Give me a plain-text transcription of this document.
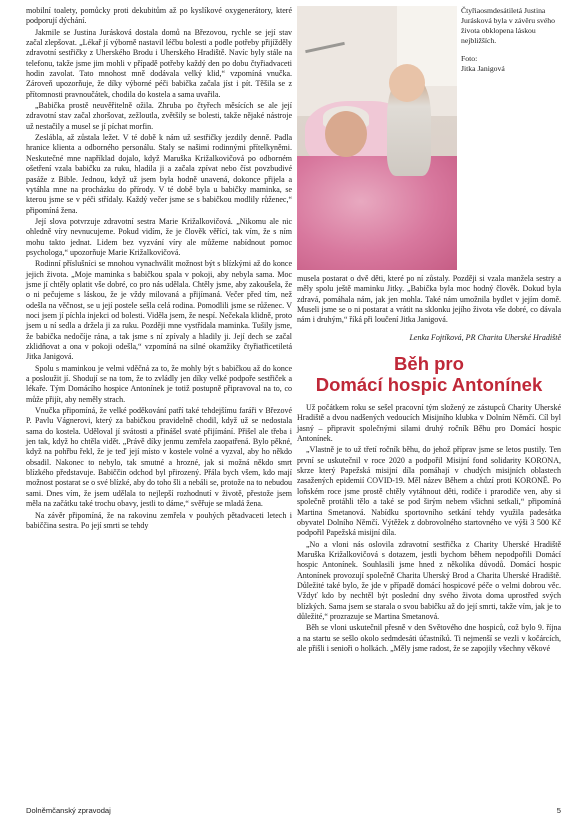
mobilní toalety, pomůcky proti dekubitům až po kyslíkové oxygenerátory, které podporují dýchání.

Jakmile se Justina Jurásková dostala domů na Březovou, rychle se její stav začal zlepšovat. „Lékař jí výborně nastavil léčbu bolesti a podle potřeby přijížděly zdravotní sestřičky z Uherského Brodu i Uherského Hradiště. Navíc byly stále na telefonu, takže jsme jim mohli v případě potřeby každý den po dobu čtyřiadvaceti hodin zavolat. Tato mnohost mně dodávala velký klid,“ vzpomíná vnučka. Zároveň upozorňuje, že díky výborné péči babička začala jíst i pít. Těšila se z přítomnosti pravnoučátek, chodila do kostela a sama uvařila.

„Babička prostě neuvěřitelně ožila. Zhruba po čtyřech měsících se ale její zdravotní stav začal zhoršovat, zežloutla, zvětšily se bolesti, takže nějaké nástroje už nestačily a musel se jí píchat morfin.

Zeslábla, až zůstala ležet. V té době k nám už sestřičky jezdily denně. Padla hranice klienta a odborného personálu. Staly se našimi rodinnými přítelkyněmi. Neskutečné mne například dojalo, když Maruška Križalkovičová po odborném ošetření vzala babičku za ruku, hladila ji a začala zpívat nebo číst povzbudivé pasáže z Bible. Jednou, když už jsem byla hodně unavená, dokonce přijela a vytáhla mne na procházku do přírody. V té době byla u babičky maminka, se kterou jsme se v péči střídaly. Každý večer jsme se s babičkou modlily růženec,“ připomíná žena.

Její slova potvrzuje zdravotní sestra Marie Križalkovičová. „Nikomu ale nic ohledně víry nevnucujeme. Pokud vidím, že je člověk věřící, tak vím, že s ním mohu takto jednat. Lidem bez vyzvání víry ale můžeme nabídnout pomoc psychologa,“ upozorňuje Marie Križalkovičová.

Rodinní příslušníci se mnohou vynachválit možnost být s blízkými až do konce jejich života. „Moje maminka s babičkou spala v pokoji, aby nebyla sama. Moc jsme jí chtěly oplatit vše dobré, co pro nás udělala. Chtěly jsme, aby zakoušela, že o ni pečujeme s láskou, že je vždy milovaná a přijímaná. Večer před tím, než odešla na věčnost, se u její postele sešla celá rodina. Pomodlili jsme se růženec. V noci jsem jí píchla injekci od bolesti. Viděla jsem, že nespí. Nečekala klidně, proto jsem u ní sedla a držela ji za ruku. Později mne vystřídala maminka. Tušily jsme, že babička nedočíje rána, a tak jsme s ní zpívaly a hladily ji. Její dech se začal zklidňovat a ona v pokoji odešla,“ vzpomíná na silné okamžiky čtyřiatřicetiletá Jitka Janigová.

Spolu s maminkou je velmi vděčná za to, že mohly být s babičkou až do konce a posloužit jí. Shodují se na tom, že to zvládly jen díky velké podpoře sestřiček a lékaře. Tým Domácího hospice Antonínek je totiž postupně připravoval na to, co může přijít, aby neměly strach.

Vnučka připomíná, že velké poděkování patří také tehdejšímu faráři v Březové P. Pavlu Vágnerovi, který za babičkou pravidelně chodil, když už se nedostala sama do kostela. Uděloval jí svátosti a přinášel svaté přijímání. Přišel ale třeba i jen tak, když ho chtěla vidět. „Právě díky jenmu zemřela zaopatřená. Bylo pěkné, když na pohřbu řekl, že je teď její místo v kostele volné a vyzval, aby ho někdo obsadil. Nakonec to nebylo, tak smutné a hrozné, jak si možná někdo smrt blízkého představuje. Babiččin odchod byl přirozený. Přála bych všem, kdo mají možnost postarat se o své blízké, aby do toho šli a nebáli se, protože na to nebudou sami. Dnes vím, že jsem udělala to nejlepší rozhodnutí v životě, přestože jsem měla na začátku také trochu obavy, jestli to dáme,“ svěřuje se mladá žena.

Na závěr připomíná, že na rakovinu zemřela v pouhých pětadvaceti letech i babiččina sestra. Po její smrti se tehdy

Čtyřiaosmdesátiletá Justina Jurásková byla v závěru svého života obklopena láskou nejbližších.

Foto:

Jitka Janigová

musela postarat o dvě děti, které po ní zůstaly. Později si vzala manžela sestry a měly spolu ještě maminku Jitky. „Babička byla moc hodný člověk. Dokud byla zdravá, pomáhala nám, jak jen mohla. Také nám umožnila bydlet v jejím domě. Museli jsme se o ni postarat a vrátit na sklonku jejího života vše dobré, co dávala nám i druhým,“ říká při loučení Jitka Janigová.

Lenka Fojtíková, PR Charita Uherské Hradiště

Běh pro
Domácí hospic Antonínek

Už počátkem roku se sešel pracovní tým složený ze zástupců Charity Uherské Hradiště a dvou nadšených vedoucích Misijního klubka v Dolním Němčí. Cíl byl jasný – připravit společnými silami druhý ročník Běhu pro Domácí hospic Antonínek.

„Vlastně je to už třetí ročník běhu, do jehož příprav jsme se letos pustily. Ten první se uskutečnil v roce 2020 a podpořil Misijní fond solidarity KORONA, skrze který Papežská misijní díla pomáhají v chudých misijních oblastech zasažených epidemií COVID-19. Měl název Během a chůzí proti KORONĚ. Po loňském roce jsme prostě chtěly vytáhnout děti, rodiče i prarodiče ven, aby si společně protáhli tělo a také se pod širým nebem všichni setkali,“ připomíná Martina Smetanová. Nabídku sportovního setkání tehdy využila padesátka obyvatel Dolního Němčí. Výtěžek z dobrovolného startovného ve výši 3 500 Kč podpořil Papežská misijní díla.

„No a vloni nás oslovila zdravotní sestřička z Charity Uherské Hradiště Maruška Križalkovičová s dotazem, jestli bychom během nepodpořili Domácí hospic Antonínek. Souhlasili jsme hned z několika důvodů. Domácí hospic Antonínek provozují společně Charita Uherský Brod a Charita Uherské Hradiště. Důležité také bylo, že jde v případě domácí hospicové péče o velmi dobrou věc. Vždyť kdo by nechtěl být poslední dny svého života doma uprostřed svých blízkých. Sama jsem se starala o svou babičku až do její smrti, takže vím, jak je to důležité,“ prozrazuje se Martina Smetanová.

Běh se vloni uskutečnil přesně v den Světového dne hospiců, což bylo 9. října a na startu se sešlo okolo sedmdesáti účastníků. Ti nejmenší se vezli v kočárcích, ale přišli i senioři o holkách. „Měly jsme radost, že se zapojily všechny věkové

Dolněmčanský zpravodaj	5
